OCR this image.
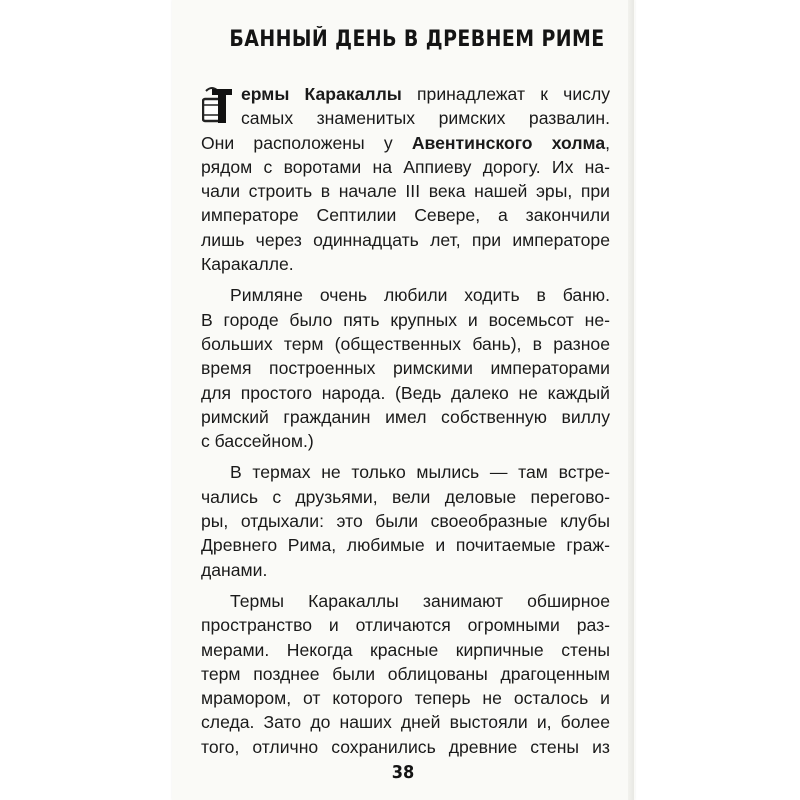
БАННЫЙ ДЕНЬ В ДРЕВНЕМ РИМЕ
ермы Каракаллы принадлежат к числу
самых знаменитых римских развалин.
Они расположены у Авентинского холма,
рядом с воротами на Аппиеву дорогу. Их на-
чали строить в начале III века нашей эры, при
императоре Септилии Севере, а закончили
лишь через одиннадцать лет, при императоре
Каракалле.
Римляне очень любили ходить в баню.
В городе было пять крупных и восемьсот не-
больших терм (общественных бань), в разное
время построенных римскими императорами
для простого народа. (Ведь далеко не каждый
римский гражданин имел собственную виллу
с бассейном.)
В термах не только мылись — там встре-
чались с друзьями, вели деловые перегово-
ры, отдыхали: это были своеобразные клубы
Древнего Рима, любимые и почитаемые граж-
данами.
Термы Каракаллы занимают обширное
пространство и отличаются огромными раз-
мерами. Некогда красные кирпичные стены
терм позднее были облицованы драгоценным
мрамором, от которого теперь не осталось и
следа. Зато до наших дней выстояли и, более
того, отлично сохранились древние стены из
38
